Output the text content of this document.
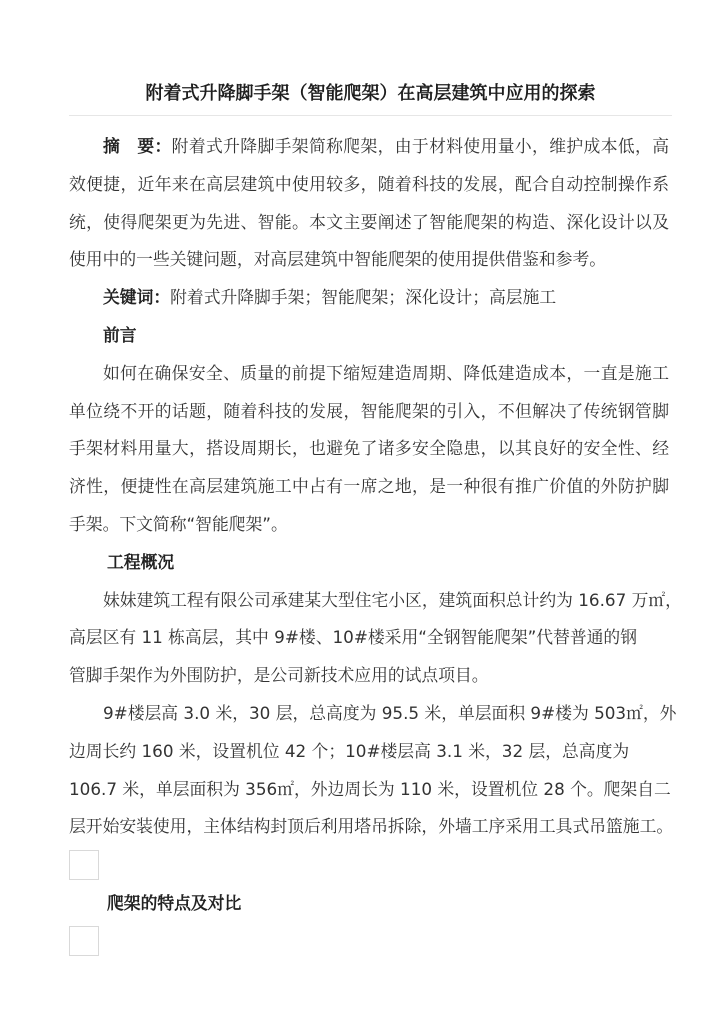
附着式升降脚手架（智能爬架）在高层建筑中应用的探索
摘　要：附着式升降脚手架简称爬架，由于材料使用量小，维护成本低，高
效便捷，近年来在高层建筑中使用较多，随着科技的发展，配合自动控制操作系
统，使得爬架更为先进、智能。本文主要阐述了智能爬架的构造、深化设计以及
使用中的一些关键问题，对高层建筑中智能爬架的使用提供借鉴和参考。
关键词：附着式升降脚手架；智能爬架；深化设计；高层施工
前言
如何在确保安全、质量的前提下缩短建造周期、降低建造成本，一直是施工
单位绕不开的话题，随着科技的发展，智能爬架的引入，不但解决了传统钢管脚
手架材料用量大，搭设周期长，也避免了诸多安全隐患，以其良好的安全性、经
济性，便捷性在高层建筑施工中占有一席之地，是一种很有推广价值的外防护脚
手架。下文简称“智能爬架”。
工程概况
妹妹建筑工程有限公司承建某大型住宅小区，建筑面积总计约为 16.67 万㎡，
高层区有 11 栋高层，其中 9#楼、10#楼采用“全钢智能爬架”代替普通的钢
管脚手架作为外围防护，是公司新技术应用的试点项目。
9#楼层高 3.0 米，30 层，总高度为 95.5 米，单层面积 9#楼为 503㎡，外
边周长约 160 米，设置机位 42 个；10#楼层高 3.1 米，32 层，总高度为
106.7 米，单层面积为 356㎡，外边周长为 110 米，设置机位 28 个。爬架自二
层开始安装使用，主体结构封顶后利用塔吊拆除，外墙工序采用工具式吊篮施工。
爬架的特点及对比
